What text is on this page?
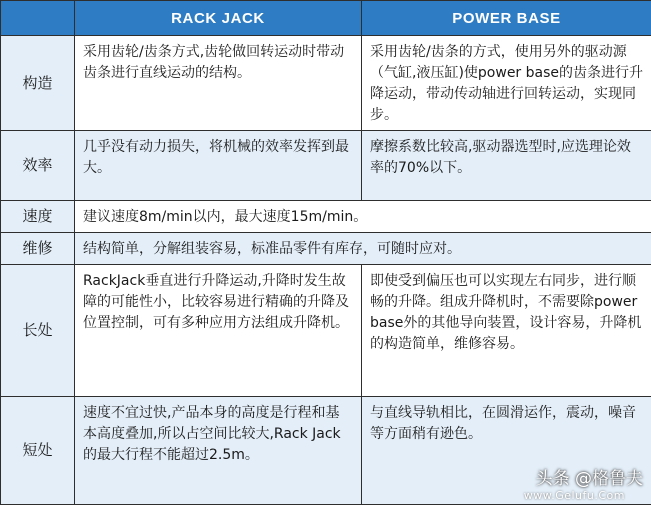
	RACK JACK	POWER BASE
构造	采用齿轮/齿条方式,齿轮做回转运动时带动齿条进行直线运动的结构。	采用齿轮/齿条的方式，使用另外的驱动源（气缸,液压缸)使power base的齿条进行升降运动，带动传动轴进行回转运动，实现同步。
效率	几乎没有动力损失，将机械的效率发挥到最大。	摩擦系数比较高,驱动器选型时,应选理论效率的70%以下。
速度	建议速度8m/min以内，最大速度15m/min。	
维修	结构简单，分解组装容易，标准品零件有库存，可随时应对。	
长处	RackJack垂直进行升降运动,升降时发生故障的可能性小，比较容易进行精确的升降及位置控制，可有多种应用方法组成升降机。	即使受到偏压也可以实现左右同步，进行顺畅的升降。组成升降机时，不需要除power base外的其他导向装置，设计容易，升降机的构造简单，维修容易。
短处	速度不宜过快,产品本身的高度是行程和基本高度叠加,所以占空间比较大,Rack Jack的最大行程不能超过2.5m。	与直线导轨相比，在圆滑运作，震动，噪音等方面稍有逊色。
头条 @格鲁夫
www.Gelufu.Com
